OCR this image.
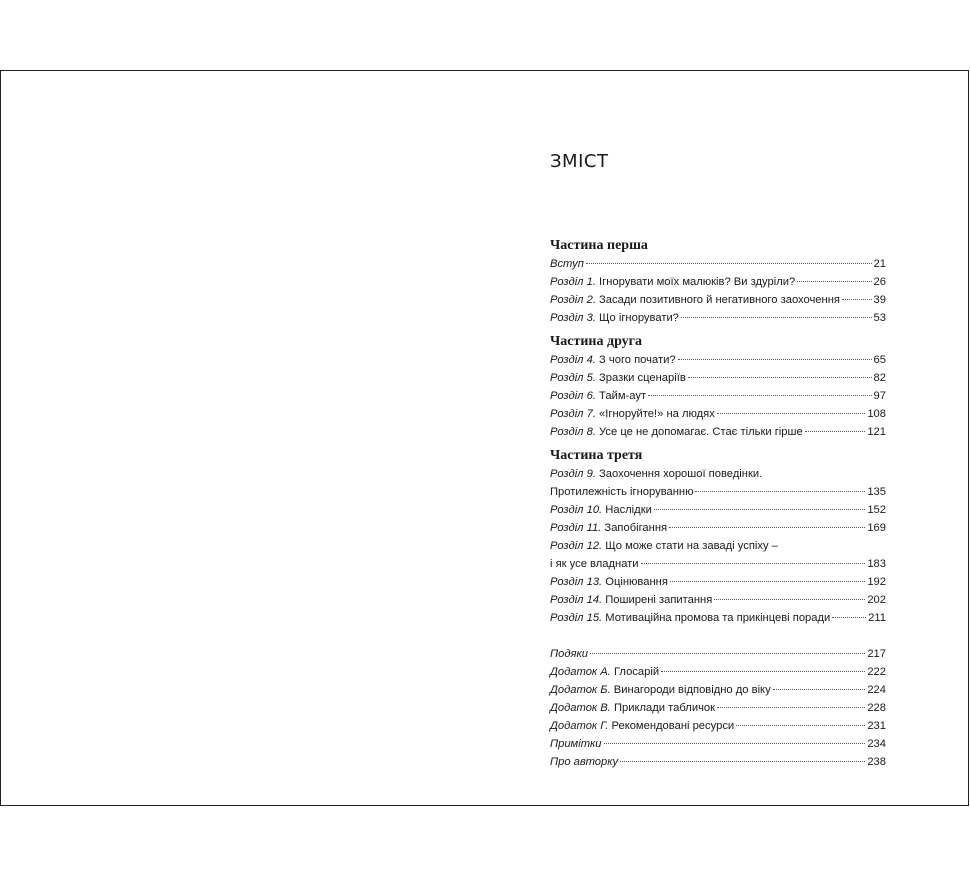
ЗМІСТ
Частина перша
Вступ	21
Розділ 1. Ігнорувати моїх малюків? Ви здуріли?	26
Розділ 2. Засади позитивного й негативного заохочення	39
Розділ 3. Що ігнорувати?	53
Частина друга
Розділ 4. З чого почати?	65
Розділ 5. Зразки сценаріїв	82
Розділ 6. Тайм-аут	97
Розділ 7. «Ігноруйте!» на людях	108
Розділ 8. Усе це не допомагає. Стає тільки гірше	121
Частина третя
Розділ 9. Заохочення хорошої поведінки.
Протилежність ігноруванню	135
Розділ 10. Наслідки	152
Розділ 11. Запобігання	169
Розділ 12. Що може стати на заваді успіху –
і як усе владнати	183
Розділ 13. Оцінювання	192
Розділ 14. Поширені запитання	202
Розділ 15. Мотиваційна промова та прикінцеві поради	211
Подяки	217
Додаток А. Глосарій	222
Додаток Б. Винагороди відповідно до віку	224
Додаток В. Приклади табличок	228
Додаток Г. Рекомендовані ресурси	231
Примітки	234
Про авторку	238
